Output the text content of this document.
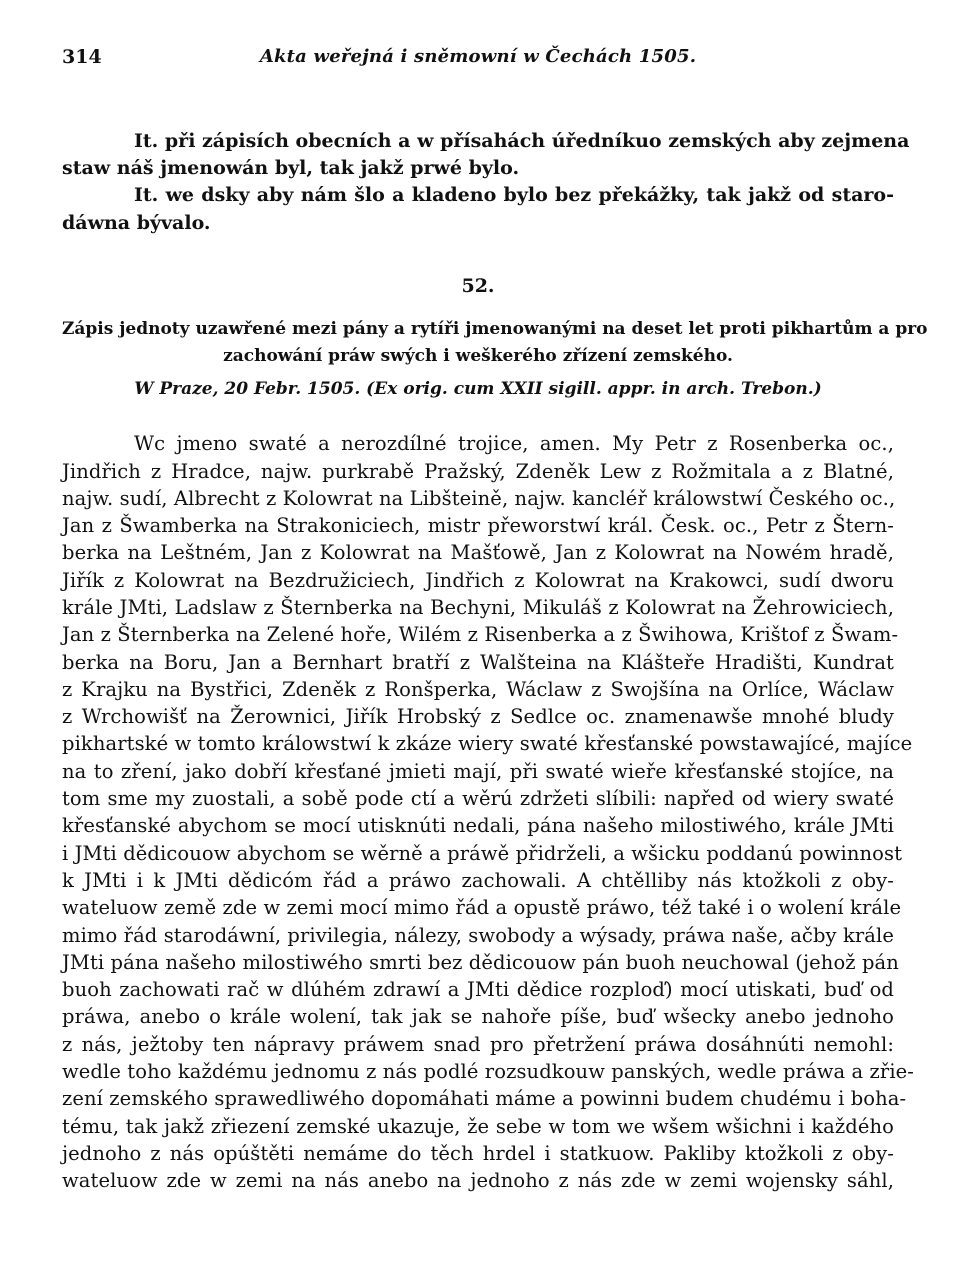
314	Akta weřejná i sněmowní w Čechách 1505.
It. při zápisích obecních a w přísahách úředníkuo zemských aby zejmena
staw náš jmenowán byl, tak jakž prwé bylo.
It. we dsky aby nám šlo a kladeno bylo bez překážky, tak jakž od staro-
dáwna bývalo.
52.
Zápis jednoty uzawřené mezi pány a rytíři jmenowanými na deset let proti pikhartům a pro
zachowání práw swých i weškerého zřízení zemského.
W Praze, 20 Febr. 1505. (Ex orig. cum XXII sigill. appr. in arch. Trebon.)
Wc jmeno swaté a nerozdílné trojice, amen. My Petr z Rosenberka oc.,
Jindřich z Hradce, najw. purkrabě Pražský, Zdeněk Lew z Rožmitala a z Blatné,
najw. sudí, Albrecht z Kolowrat na Libšteině, najw. kancléř králowstwí Českého oc.,
Jan z Šwamberka na Strakoniciech, mistr přeworstwí král. Česk. oc., Petr z Štern-
berka na Leštném, Jan z Kolowrat na Mašťowě, Jan z Kolowrat na Nowém hradě,
Jiřík z Kolowrat na Bezdružiciech, Jindřich z Kolowrat na Krakowci, sudí dworu
krále JMti, Ladslaw z Šternberka na Bechyni, Mikuláš z Kolowrat na Žehrowiciech,
Jan z Šternberka na Zelené hoře, Wilém z Risenberka a z Šwihowa, Krištof z Šwam-
berka na Boru, Jan a Bernhart bratří z Walšteina na Klášteře Hradišti, Kundrat
z Krajku na Bystřici, Zdeněk z Ronšperka, Wáclaw z Swojšína na Orlíce, Wáclaw
z Wrchowišť na Žerownici, Jiřík Hrobský z Sedlce oc. znamenawše mnohé bludy
pikhartské w tomto králowstwí k zkáze wiery swaté křesťanské powstawajícé, majíce
na to zření, jako dobří křesťané jmieti mají, při swaté wieře křesťanské stojíce, na
tom sme my zuostali, a sobě pode ctí a wěrú zdržeti slíbili: napřed od wiery swaté
křesťanské abychom se mocí utisknúti nedali, pána našeho milostiwého, krále JMti
i JMti dědicouow abychom se wěrně a práwě přidrželi, a wšicku poddanú powinnost
k JMti i k JMti dědicóm řád a práwo zachowali. A chtělliby nás ktožkoli z oby-
wateluow země zde w zemi mocí mimo řád a opustě práwo, též také i o wolení krále
mimo řád starodáwní, privilegia, nálezy, swobody a wýsady, práwa naše, ačby krále
JMti pána našeho milostiwého smrti bez dědicouow pán buoh neuchowal (jehož pán
buoh zachowati rač w dlúhém zdrawí a JMti dědice rozploď) mocí utiskati, buď od
práwa, anebo o krále wolení, tak jak se nahoře píše, buď wšecky anebo jednoho
z nás, ježtoby ten nápravy práwem snad pro přetržení práwa dosáhnúti nemohl:
wedle toho každému jednomu z nás podlé rozsudkouw panských, wedle práwa a zřie-
zení zemského sprawedliwého dopomáhati máme a powinni budem chudému i boha-
tému, tak jakž zřiezení zemské ukazuje, že sebe w tom we wšem wšichni i každého
jednoho z nás opúštěti nemáme do těch hrdel i statkuow. Pakliby ktožkoli z oby-
wateluow zde w zemi na nás anebo na jednoho z nás zde w zemi wojensky sáhl,
